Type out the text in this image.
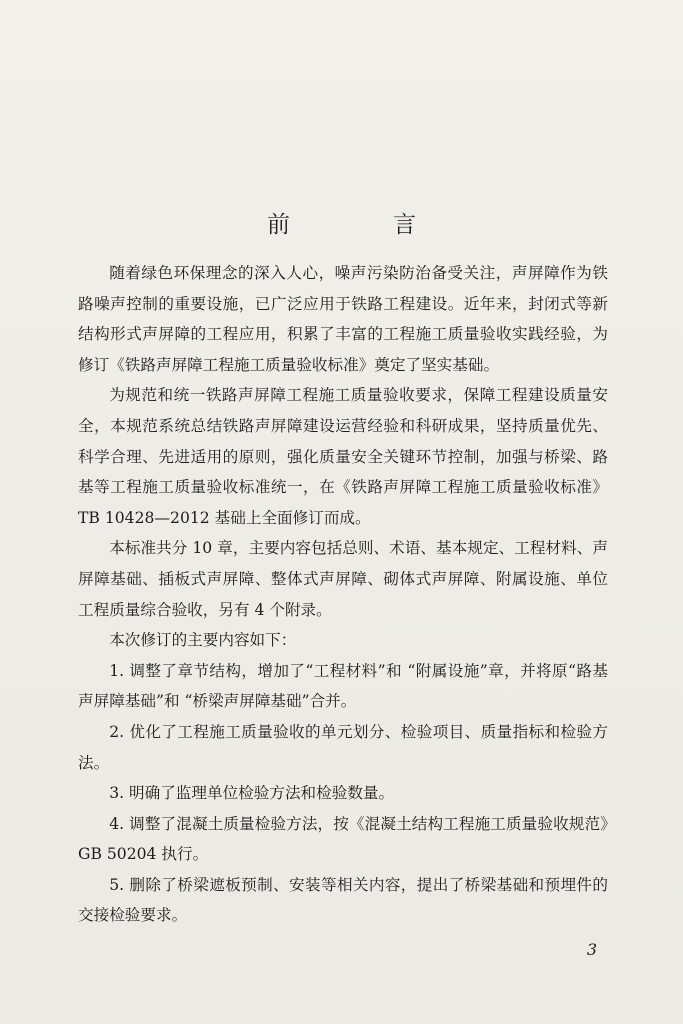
前　言

随着绿色环保理念的深入人心，噪声污染防治备受关注，声屏障作为铁路噪声控制的重要设施，已广泛应用于铁路工程建设。近年来，封闭式等新结构形式声屏障的工程应用，积累了丰富的工程施工质量验收实践经验，为修订《铁路声屏障工程施工质量验收标准》奠定了坚实基础。

为规范和统一铁路声屏障工程施工质量验收要求，保障工程建设质量安全，本规范系统总结铁路声屏障建设运营经验和科研成果，坚持质量优先、科学合理、先进适用的原则，强化质量安全关键环节控制，加强与桥梁、路基等工程施工质量验收标准统一，在《铁路声屏障工程施工质量验收标准》TB 10428—2012 基础上全面修订而成。

本标准共分 10 章，主要内容包括总则、术语、基本规定、工程材料、声屏障基础、插板式声屏障、整体式声屏障、砌体式声屏障、附属设施、单位工程质量综合验收，另有 4 个附录。

本次修订的主要内容如下：

1. 调整了章节结构，增加了“工程材料”和 “附属设施”章，并将原“路基声屏障基础”和 “桥梁声屏障基础”合并。

2. 优化了工程施工质量验收的单元划分、检验项目、质量指标和检验方法。

3. 明确了监理单位检验方法和检验数量。

4. 调整了混凝土质量检验方法，按《混凝土结构工程施工质量验收规范》GB 50204 执行。

5. 删除了桥梁遮板预制、安装等相关内容，提出了桥梁基础和预埋件的交接检验要求。

3
